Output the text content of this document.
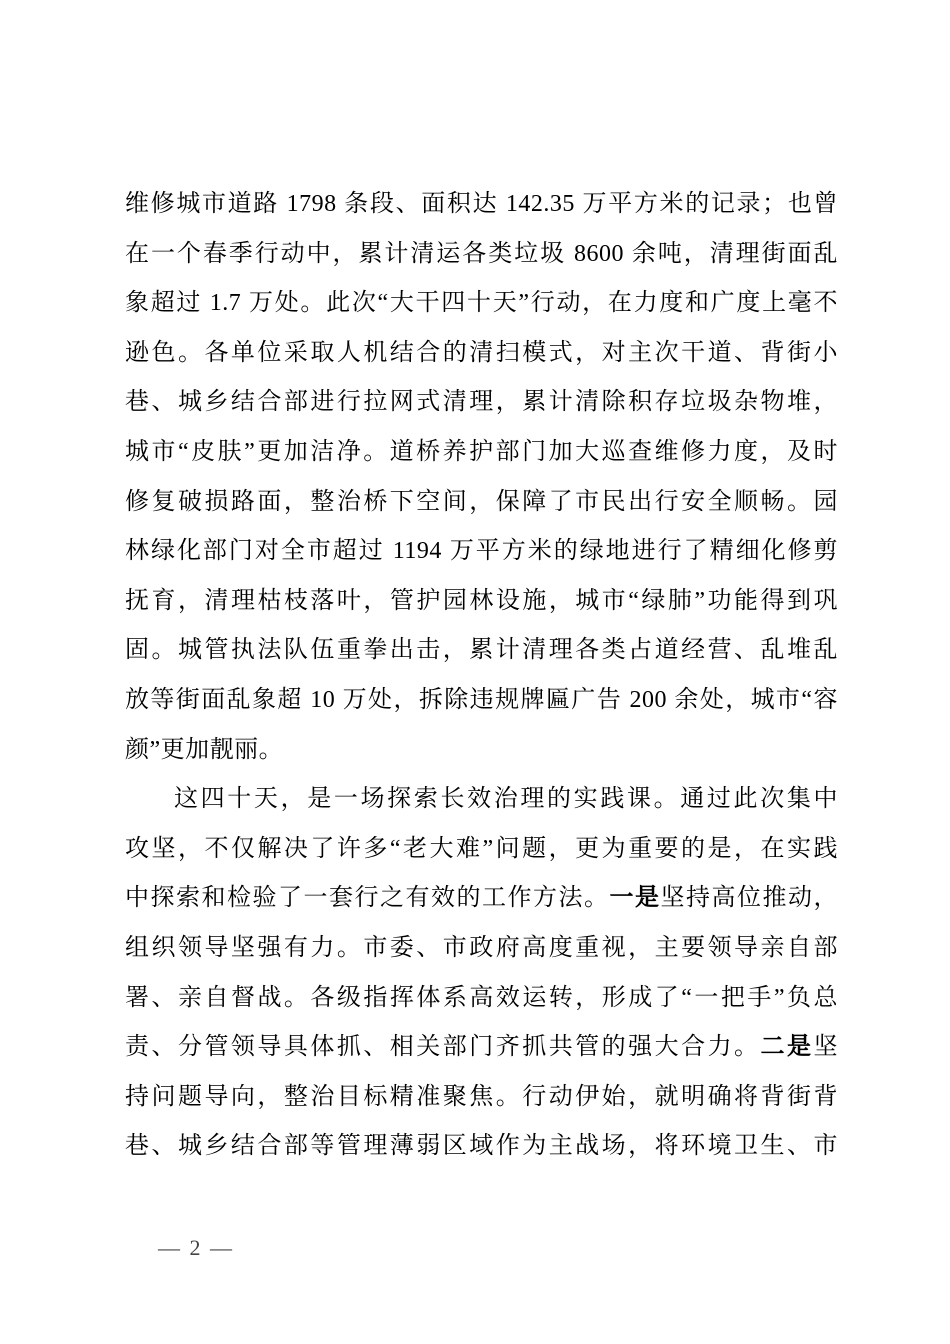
维修城市道路 1798 条段、面积达 142.35 万平方米的记录；也曾
在一个春季行动中，累计清运各类垃圾 8600 余吨，清理街面乱
象超过 1.7 万处。此次“大干四十天”行动，在力度和广度上毫不
逊色。各单位采取人机结合的清扫模式，对主次干道、背街小
巷、城乡结合部进行拉网式清理，累计清除积存垃圾杂物堆，
城市“皮肤”更加洁净。道桥养护部门加大巡查维修力度，及时
修复破损路面，整治桥下空间，保障了市民出行安全顺畅。园
林绿化部门对全市超过 1194 万平方米的绿地进行了精细化修剪
抚育，清理枯枝落叶，管护园林设施，城市“绿肺”功能得到巩
固。城管执法队伍重拳出击，累计清理各类占道经营、乱堆乱
放等街面乱象超 10 万处，拆除违规牌匾广告 200 余处，城市“容
颜”更加靓丽。
这四十天，是一场探索长效治理的实践课。通过此次集中
攻坚，不仅解决了许多“老大难”问题，更为重要的是，在实践
中探索和检验了一套行之有效的工作方法。一是坚持高位推动，
组织领导坚强有力。市委、市政府高度重视，主要领导亲自部
署、亲自督战。各级指挥体系高效运转，形成了“一把手”负总
责、分管领导具体抓、相关部门齐抓共管的强大合力。二是坚
持问题导向，整治目标精准聚焦。行动伊始，就明确将背街背
巷、城乡结合部等管理薄弱区域作为主战场，将环境卫生、市
— 2 —
